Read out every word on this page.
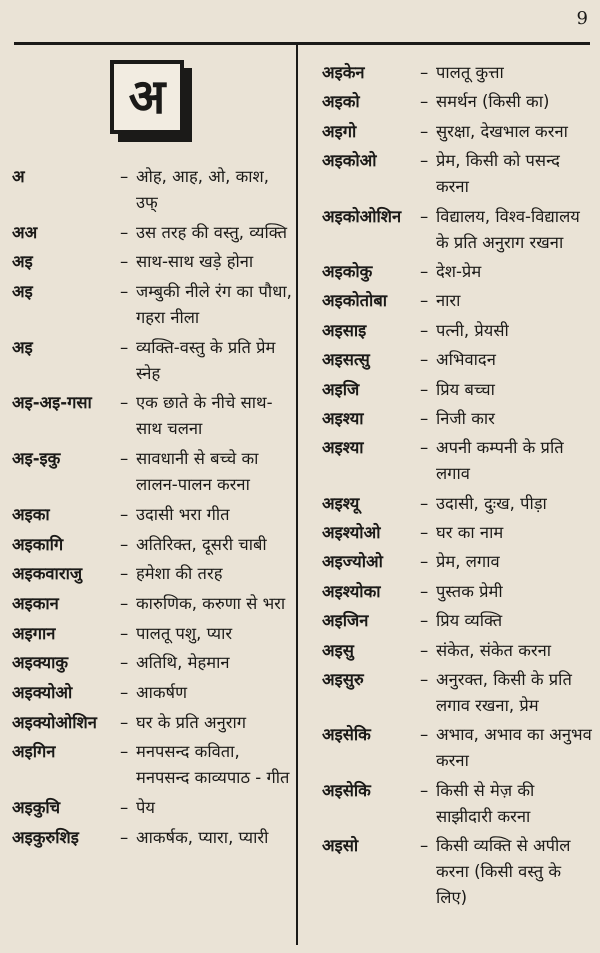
9
अ
अ	– ओह, आह, ओ, काश, उफ्
अअ	– उस तरह की वस्तु, व्यक्ति
अइ	– साथ-साथ खड़े होना
अइ	– जम्बुकी नीले रंग का पौधा, गहरा नीला
अइ	– व्यक्ति-वस्तु के प्रति प्रेम स्नेह
अइ-अइ-गसा	– एक छाते के नीचे साथ-साथ चलना
अइ-इकु	– सावधानी से बच्चे का लालन-पालन करना
अइका	– उदासी भरा गीत
अइकागि	– अतिरिक्त, दूसरी चाबी
अइकवाराजु	– हमेशा की तरह
अइकान	– कारुणिक, करुणा से भरा
अइगान	– पालतू पशु, प्यार
अइक्याकु	– अतिथि, मेहमान
अइक्योओ	– आकर्षण
अइक्योओशिन	– घर के प्रति अनुराग
अइगिन	– मनपसन्द कविता, मनपसन्द काव्यपाठ - गीत
अइकुचि	– पेय
अइकुरुशिइ	– आकर्षक, प्यारा, प्यारी
अइकेन	– पालतू कुत्ता
अइको	– समर्थन (किसी का)
अइगो	– सुरक्षा, देखभाल करना
अइकोओ	– प्रेम, किसी को पसन्द करना
अइकोओशिन	– विद्यालय, विश्व-विद्यालय के प्रति अनुराग रखना
अइकोकु	– देश-प्रेम
अइकोतोबा	– नारा
अइसाइ	– पत्नी, प्रेयसी
अइसत्सु	– अभिवादन
अइजि	– प्रिय बच्चा
अइश्या	– निजी कार
अइश्या	– अपनी कम्पनी के प्रति लगाव
अइश्यू	– उदासी, दुःख, पीड़ा
अइश्योओ	– घर का नाम
अइज्योओ	– प्रेम, लगाव
अइश्योका	– पुस्तक प्रेमी
अइजिन	– प्रिय व्यक्ति
अइसु	– संकेत, संकेत करना
अइसुरु	– अनुरक्त, किसी के प्रति लगाव रखना, प्रेम
अइसेकि	– अभाव, अभाव का अनुभव करना
अइसेकि	– किसी से मेज़ की साझीदारी करना
अइसो	– किसी व्यक्ति से अपील करना (किसी वस्तु के लिए)
